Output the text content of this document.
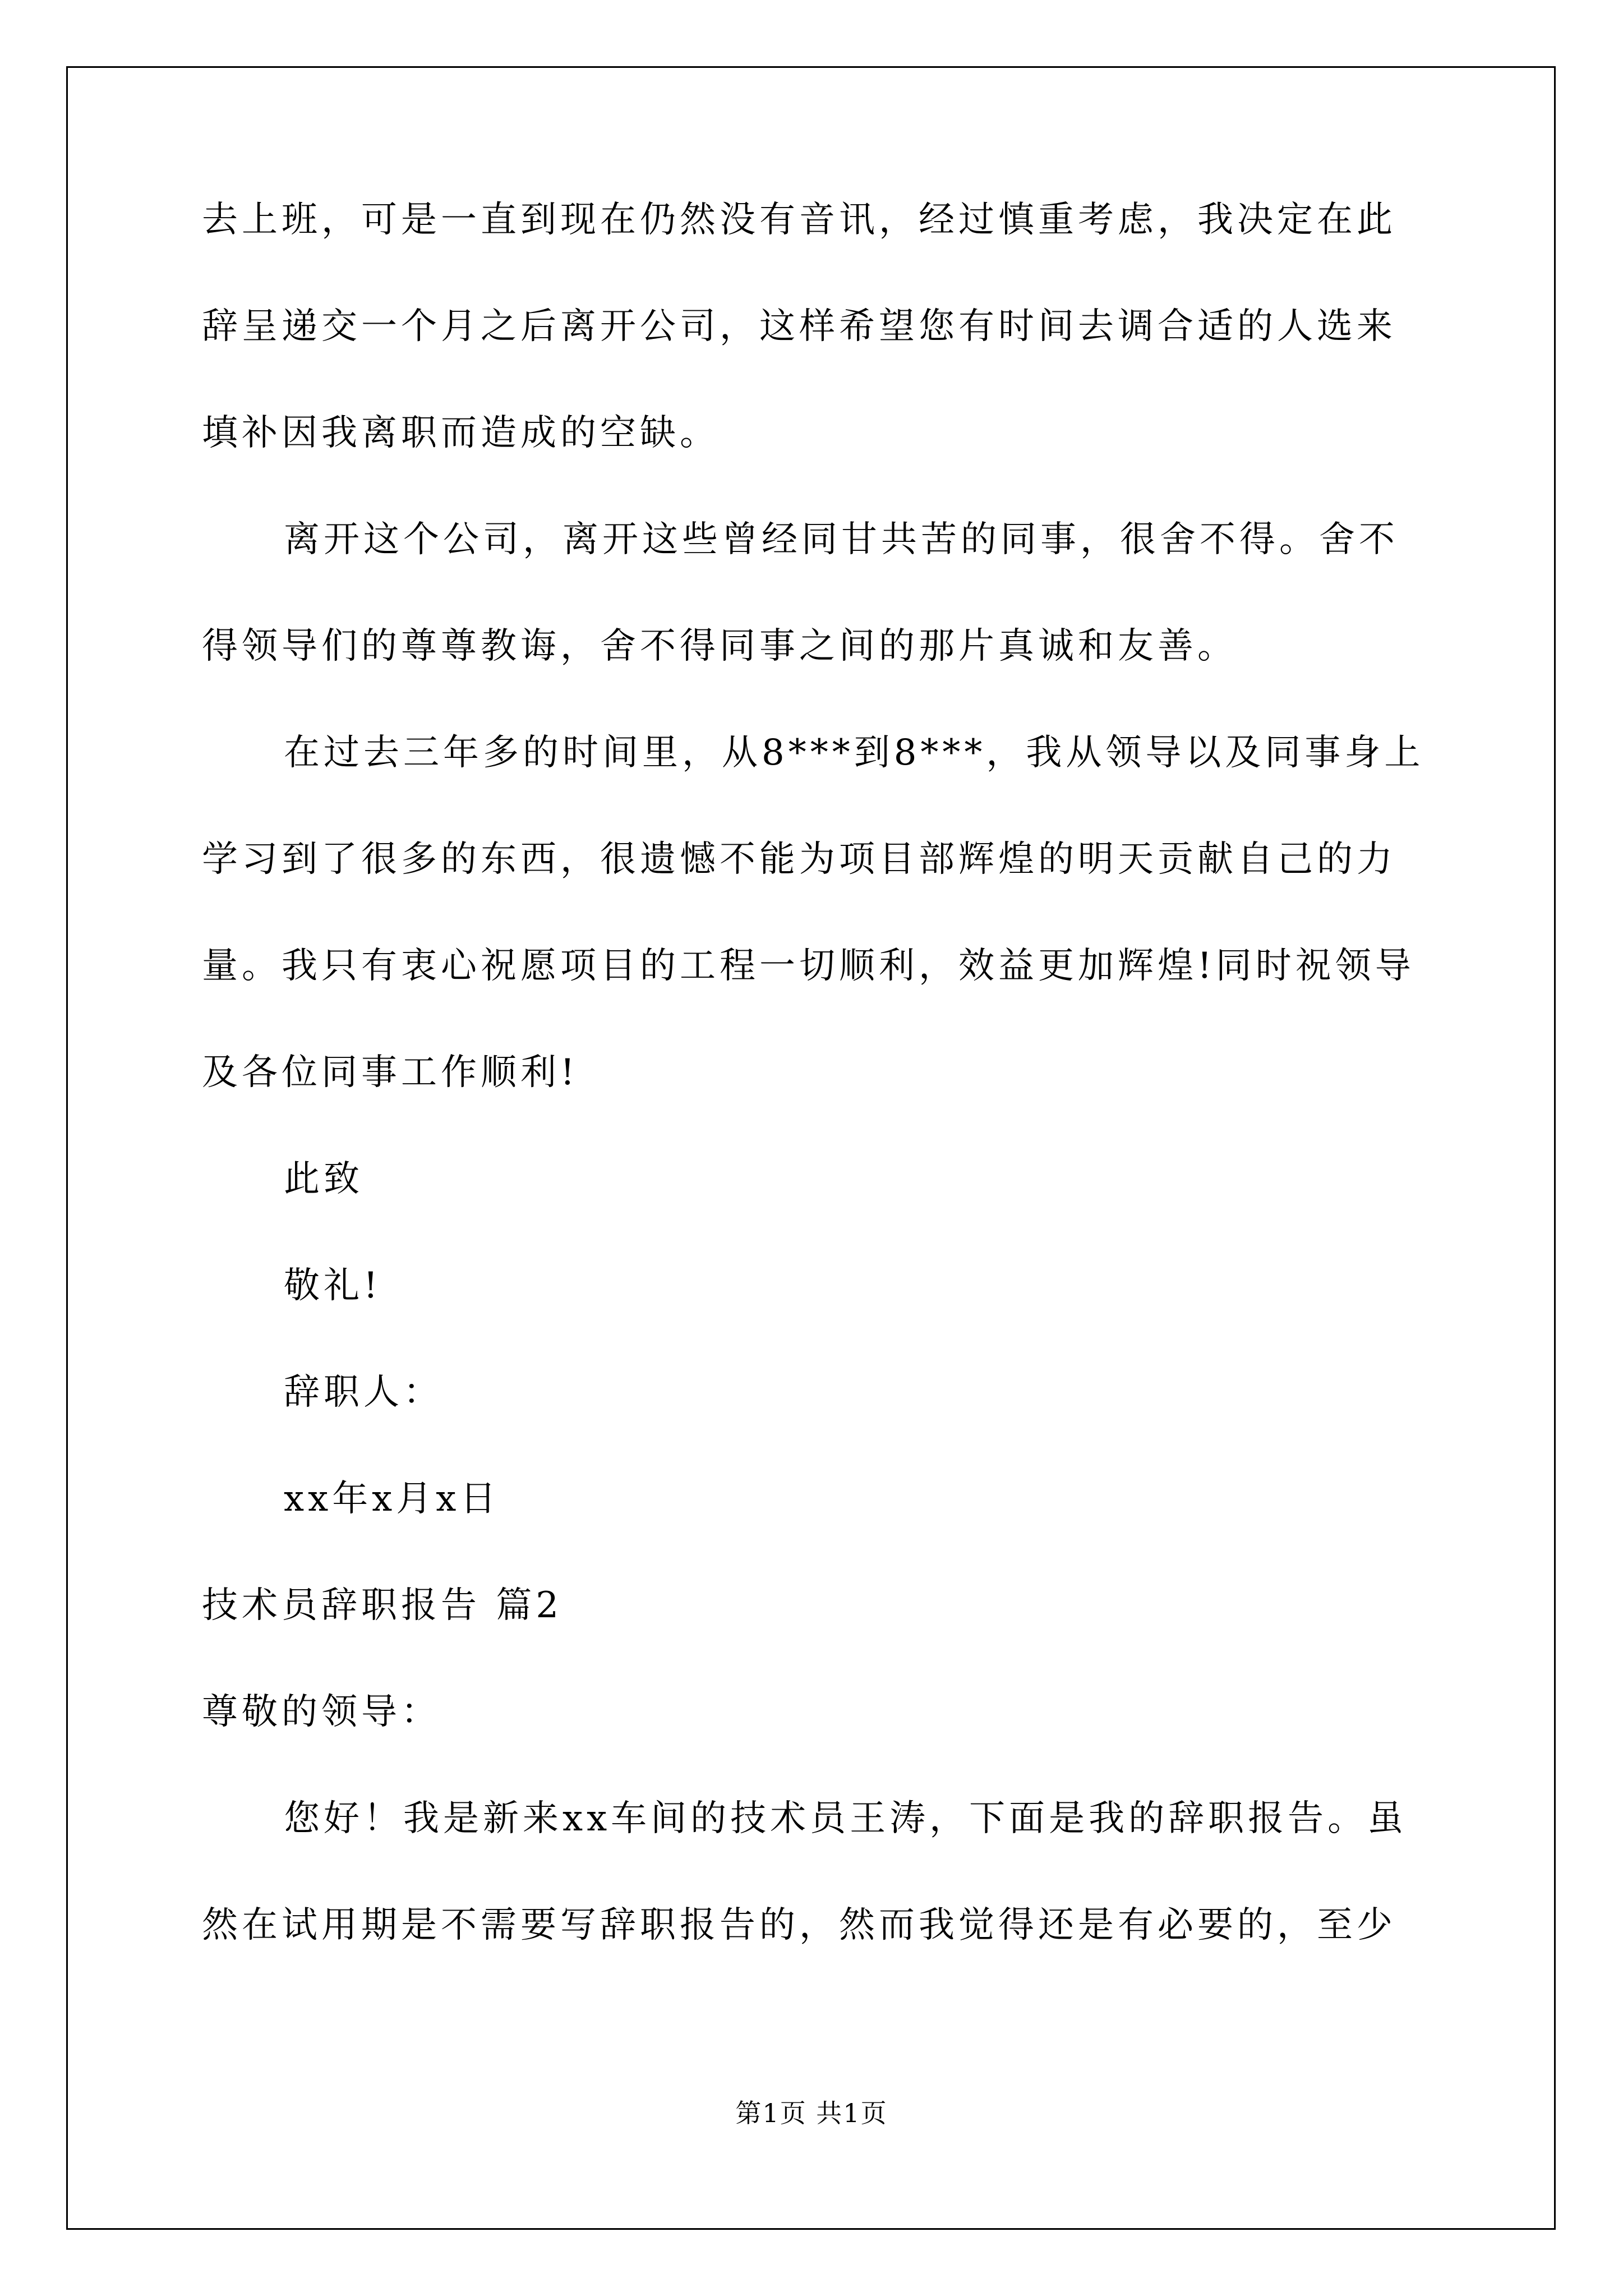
去上班，可是一直到现在仍然没有音讯，经过慎重考虑，我决定在此
辞呈递交一个月之后离开公司，这样希望您有时间去调合适的人选来
填补因我离职而造成的空缺。
离开这个公司，离开这些曾经同甘共苦的同事，很舍不得。舍不
得领导们的尊尊教诲，舍不得同事之间的那片真诚和友善。
在过去三年多的时间里，从8***到8***，我从领导以及同事身上
学习到了很多的东西，很遗憾不能为项目部辉煌的明天贡献自己的力
量。我只有衷心祝愿项目的工程一切顺利，效益更加辉煌!同时祝领导
及各位同事工作顺利!
此致
敬礼!
辞职人：
xx年x月x日
技术员辞职报告 篇2
尊敬的领导：
您好！我是新来xx车间的技术员王涛，下面是我的辞职报告。虽
然在试用期是不需要写辞职报告的，然而我觉得还是有必要的，至少
第1页 共1页
